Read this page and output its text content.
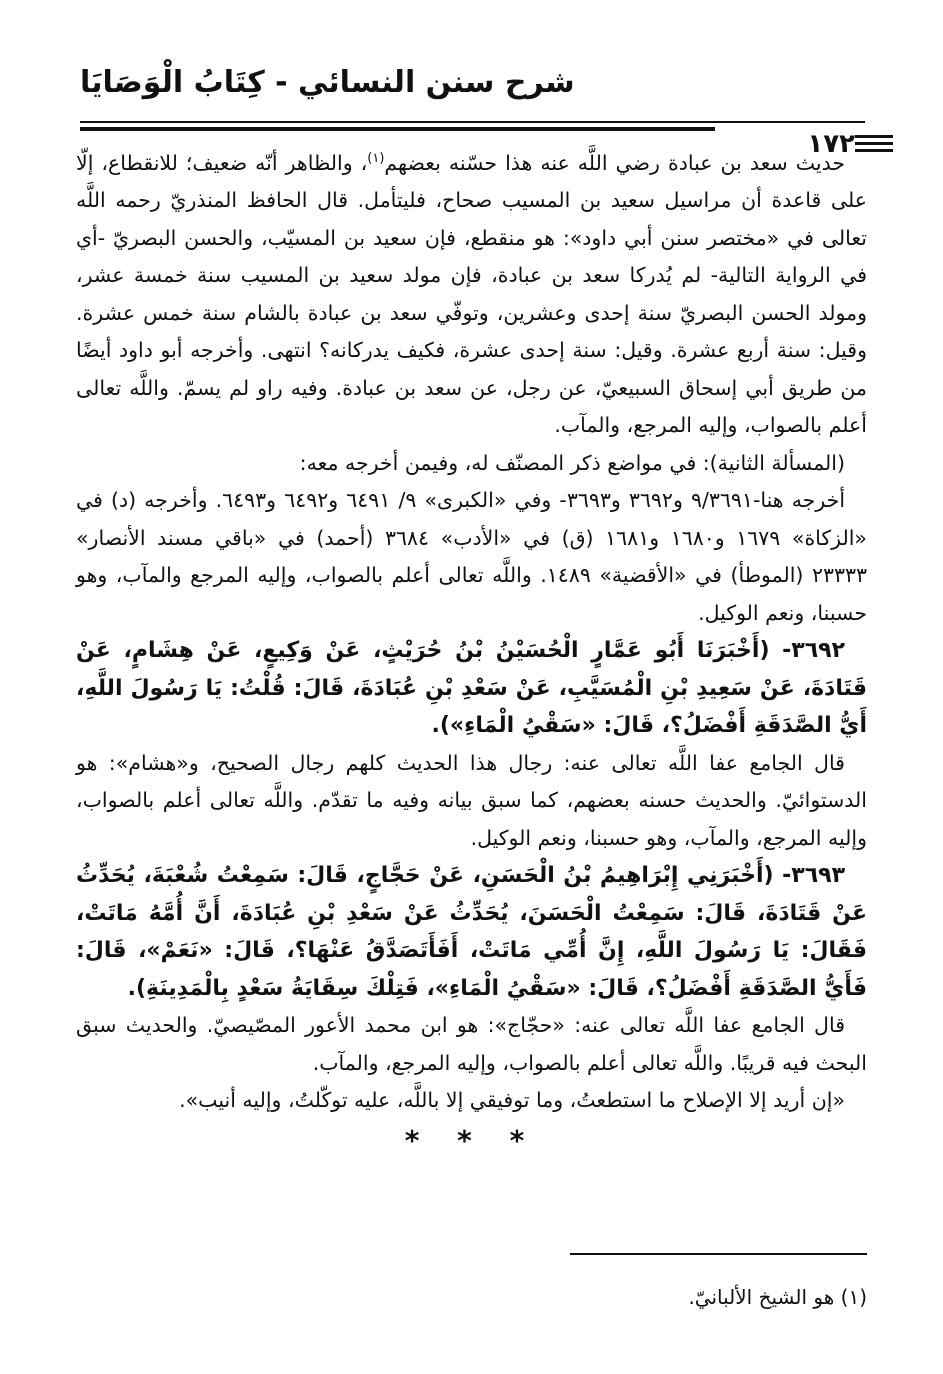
شرح سنن النسائي - كِتَابُ الْوَصَايَا
١٧٢

حديث سعد بن عبادة رضي اللَّه عنه هذا حسّنه بعضهم$^{(١)}$، والظاهر أنّه ضعيف؛ للانقطاع، إلّا على قاعدة أن مراسيل سعيد بن المسيب صحاح، فليتأمل. قال الحافظ المنذريّ رحمه اللَّه تعالى في «مختصر سنن أبي داود»: هو منقطع، فإن سعيد بن المسيّب، والحسن البصريّ -أي في الرواية التالية- لم يُدركا سعد بن عبادة، فإن مولد سعيد بن المسيب سنة خمسة عشر، ومولد الحسن البصريّ سنة إحدى وعشرين، وتوفّي سعد بن عبادة بالشام سنة خمس عشرة. وقيل: سنة أربع عشرة. وقيل: سنة إحدى عشرة، فكيف يدركانه؟ انتهى. وأخرجه أبو داود أيضًا من طريق أبي إسحاق السبيعيّ، عن رجل، عن سعد بن عبادة. وفيه راو لم يسمّ. واللَّه تعالى أعلم بالصواب، وإليه المرجع، والمآب.

(المسألة الثانية): في مواضع ذكر المصنّف له، وفيمن أخرجه معه:

أخرجه هنا-٩/٣٦٩١ و٣٦٩٢ و٣٦٩٣- وفي «الكبرى» ٩/ ٦٤٩١ و٦٤٩٢ و٦٤٩٣. وأخرجه (د) في «الزكاة» ١٦٧٩ و١٦٨٠ و١٦٨١ (ق) في «الأدب» ٣٦٨٤ (أحمد) في «باقي مسند الأنصار» ٢٣٣٣٣ (الموطأ) في «الأقضية» ١٤٨٩. واللَّه تعالى أعلم بالصواب، وإليه المرجع والمآب، وهو حسبنا، ونعم الوكيل.

٣٦٩٢- (أَخْبَرَنَا أَبُو عَمَّارٍ الْحُسَيْنُ بْنُ حُرَيْثٍ، عَنْ وَكِيعٍ، عَنْ هِشَامٍ، عَنْ قَتَادَةَ، عَنْ سَعِيدِ بْنِ الْمُسَيَّبِ، عَنْ سَعْدِ بْنِ عُبَادَةَ، قَالَ: قُلْتُ: يَا رَسُولَ اللَّهِ، أَيُّ الصَّدَقَةِ أَفْضَلُ؟، قَالَ: «سَقْيُ الْمَاءِ»).

قال الجامع عفا اللَّه تعالى عنه: رجال هذا الحديث كلهم رجال الصحيح، و«هشام»: هو الدستوائيّ. والحديث حسنه بعضهم، كما سبق بيانه وفيه ما تقدّم. واللَّه تعالى أعلم بالصواب، وإليه المرجع، والمآب، وهو حسبنا، ونعم الوكيل.

٣٦٩٣- (أَخْبَرَنِي إِبْرَاهِيمُ بْنُ الْحَسَنِ، عَنْ حَجَّاجٍ، قَالَ: سَمِعْتُ شُعْبَةَ، يُحَدِّثُ عَنْ قَتَادَةَ، قَالَ: سَمِعْتُ الْحَسَنَ، يُحَدِّثُ عَنْ سَعْدِ بْنِ عُبَادَةَ، أَنَّ أُمَّهُ مَاتَتْ، فَقَالَ: يَا رَسُولَ اللَّهِ، إِنَّ أُمِّي مَاتَتْ، أَفَأَتَصَدَّقُ عَنْهَا؟، قَالَ: «نَعَمْ»، قَالَ: فَأَيُّ الصَّدَقَةِ أَفْضَلُ؟، قَالَ: «سَقْيُ الْمَاءِ»، فَتِلْكَ سِقَايَةُ سَعْدٍ بِالْمَدِينَةِ).

قال الجامع عفا اللَّه تعالى عنه: «حجّاج»: هو ابن محمد الأعور المصّيصيّ. والحديث سبق البحث فيه قريبًا. واللَّه تعالى أعلم بالصواب، وإليه المرجع، والمآب.

«إن أريد إلا الإصلاح ما استطعتُ، وما توفيقي إلا باللَّه، عليه توكّلتُ، وإليه أنيب».

* * *
(١) هو الشيخ الألبانيّ.
